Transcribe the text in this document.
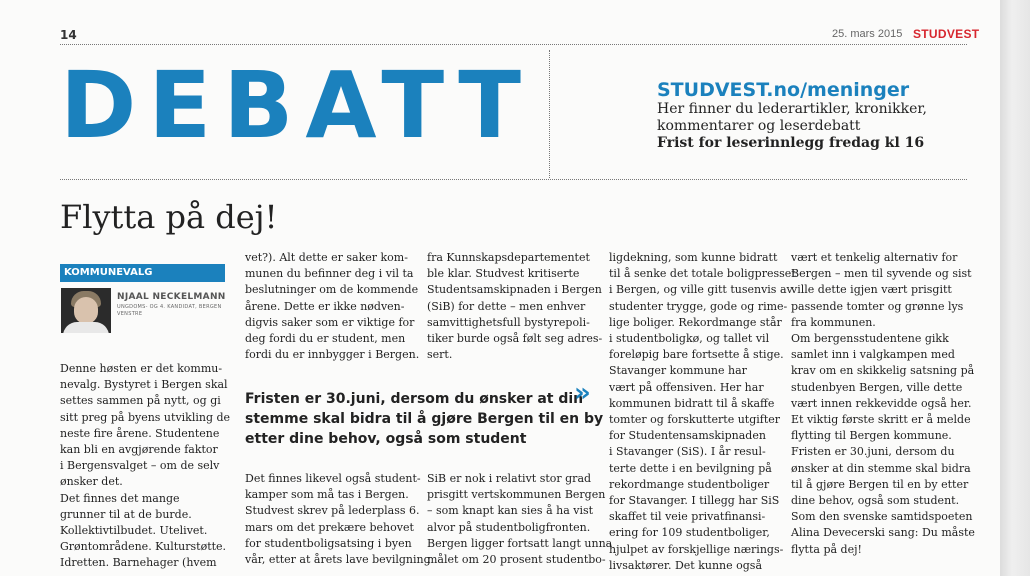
14	25. mars 2015 STUDVEST
DEBATT	STUDVEST.no/meninger
Her finner du lederartikler, kronikker,
kommentarer og leserdebatt
Frist for leserinnlegg fredag kl 16
Flytta på dej!
KOMMUNEVALG
NJAAL NECKELMANN
UNGDOMS- OG 4. KANDIDAT, BERGEN VENSTRE
Denne høsten er det kommu-
nevalg. Bystyret i Bergen skal
settes sammen på nytt, og gi
sitt preg på byens utvikling de
neste fire årene. Studentene
kan bli en avgjørende faktor
i Bergensvalget – om de selv
ønsker det.
Det finnes det mange
grunner til at de burde.
Kollektivtilbudet. Utelivet.
Grøntområdene. Kulturstøtte.
Idretten. Barnehager (hvem
vet?). Alt dette er saker kom-
munen du befinner deg i vil ta
beslutninger om de kommende
årene. Dette er ikke nødven-
digvis saker som er viktige for
deg fordi du er student, men
fordi du er innbygger i Bergen.
Det finnes likevel også student-
kamper som må tas i Bergen.
Studvest skrev på lederplass 6.
mars om det prekære behovet
for studentboligsatsing i byen
vår, etter at årets lave bevilgning
fra Kunnskapsdepartementet
ble klar. Studvest kritiserte
Studentsamskipnaden i Bergen
(SiB) for dette – men enhver
samvittighetsfull bystyrepoli-
tiker burde også følt seg adres-
sert.
SiB er nok i relativt stor grad
prisgitt vertskommunen Bergen
– som knapt kan sies å ha vist
alvor på studentboligfronten.
Bergen ligger fortsatt langt unna
målet om 20 prosent studentbo-
ligdekning, som kunne bidratt
til å senke det totale boligpresset
i Bergen, og ville gitt tusenvis av
studenter trygge, gode og rime-
lige boliger. Rekordmange står
i studentboligkø, og tallet vil
foreløpig bare fortsette å stige.
Stavanger kommune har
vært på offensiven. Her har
kommunen bidratt til å skaffe
tomter og forskutterte utgifter
for Studentensamskipnaden
i Stavanger (SiS). I år resul-
terte dette i en bevilgning på
rekordmange studentboliger
for Stavanger. I tillegg har SiS
skaffet til veie privatfinansi-
ering for 109 studentboliger,
hjulpet av forskjellige nærings-
livsaktører. Det kunne også
vært et tenkelig alternativ for
Bergen – men til syvende og sist
ville dette igjen vært prisgitt
passende tomter og grønne lys
fra kommunen.
Om bergensstudentene gikk
samlet inn i valgkampen med
krav om en skikkelig satsning på
studenbyen Bergen, ville dette
vært innen rekkevidde også her.
Et viktig første skritt er å melde
flytting til Bergen kommune.
Fristen er 30.juni, dersom du
ønsker at din stemme skal bidra
til å gjøre Bergen til en by etter
dine behov, også som student.
Som den svenske samtidspoeten
Alina Devecerski sang: Du måste
flytta på dej!
Fristen er 30.juni, dersom du ønsker at din
stemme skal bidra til å gjøre Bergen til en by
etter dine behov, også som student
»
